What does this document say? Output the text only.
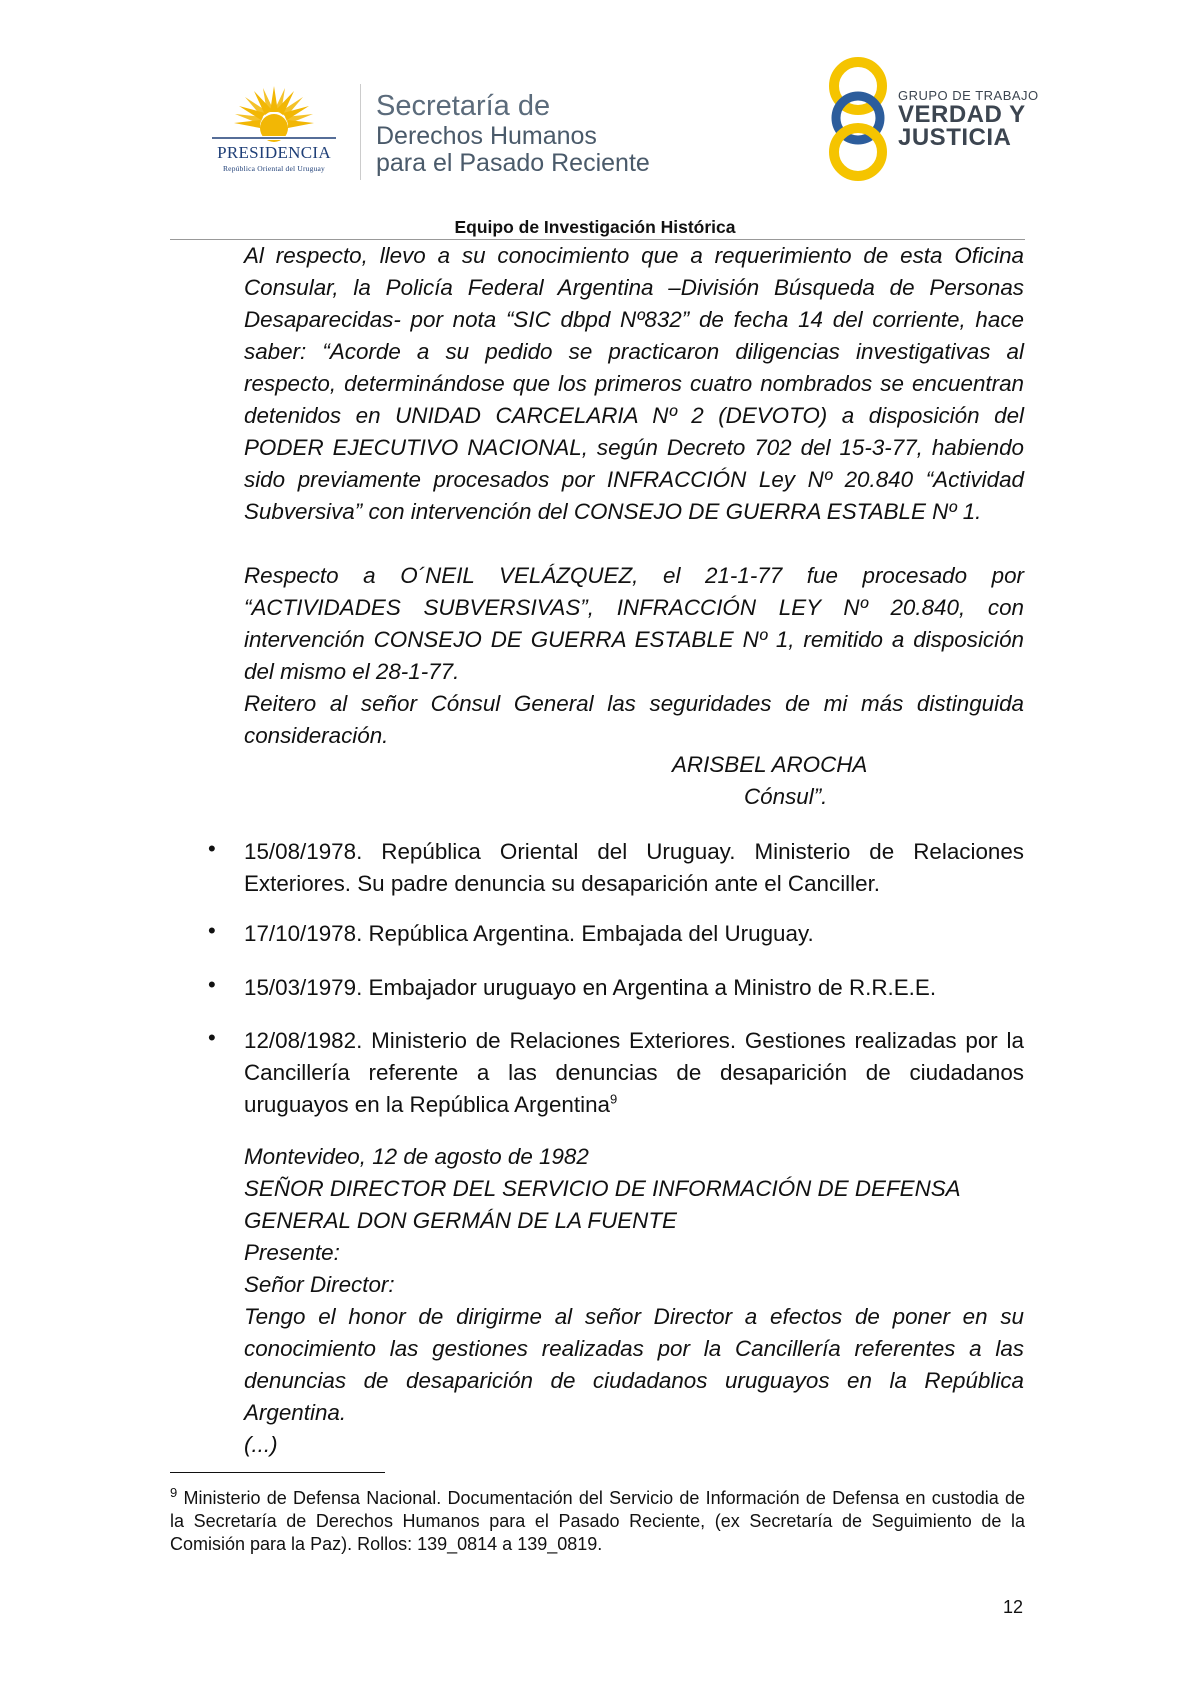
PRESIDENCIA
República Oriental del Uruguay
Secretaría de
Derechos Humanos
para el Pasado Reciente
GRUPO DE TRABAJO
VERDAD Y
JUSTICIA
Equipo de Investigación Histórica
Al respecto, llevo a su conocimiento que a requerimiento de esta Oficina Consular, la Policía Federal Argentina –División Búsqueda de Personas Desaparecidas- por nota “SIC dbpd Nº832” de fecha 14 del corriente, hace saber: “Acorde a su pedido se practicaron diligencias investigativas al respecto, determinándose que los primeros cuatro nombrados se encuentran detenidos en UNIDAD CARCELARIA Nº 2 (DEVOTO) a disposición del PODER EJECUTIVO NACIONAL, según Decreto 702 del 15-3-77, habiendo sido previamente procesados por INFRACCIÓN Ley Nº 20.840 “Actividad Subversiva” con intervención del CONSEJO DE GUERRA ESTABLE Nº 1.
Respecto a O´NEIL VELÁZQUEZ, el 21-1-77 fue procesado por “ACTIVIDADES SUBVERSIVAS”, INFRACCIÓN LEY Nº 20.840, con intervención CONSEJO DE GUERRA ESTABLE Nº 1, remitido a disposición del mismo el 28-1-77.
Reitero al señor Cónsul General las seguridades de mi más distinguida consideración.
ARISBEL AROCHA
Cónsul”.
• 15/08/1978. República Oriental del Uruguay. Ministerio de Relaciones Exteriores. Su padre denuncia su desaparición ante el Canciller.
• 17/10/1978. República Argentina. Embajada del Uruguay.
• 15/03/1979. Embajador uruguayo en Argentina a Ministro de R.R.E.E.
• 12/08/1982. Ministerio de Relaciones Exteriores. Gestiones realizadas por la Cancillería referente a las denuncias de desaparición de ciudadanos uruguayos en la República Argentina$^9$
Montevideo, 12 de agosto de 1982
SEÑOR DIRECTOR DEL SERVICIO DE INFORMACIÓN DE DEFENSA GENERAL DON GERMÁN DE LA FUENTE
Presente:
Señor Director:
Tengo el honor de dirigirme al señor Director a efectos de poner en su conocimiento las gestiones realizadas por la Cancillería referentes a las denuncias de desaparición de ciudadanos uruguayos en la República Argentina.
(...)
$^9$ Ministerio de Defensa Nacional. Documentación del Servicio de Información de Defensa en custodia de la Secretaría de Derechos Humanos para el Pasado Reciente, (ex Secretaría de Seguimiento de la Comisión para la Paz). Rollos: 139_0814 a 139_0819.
12
